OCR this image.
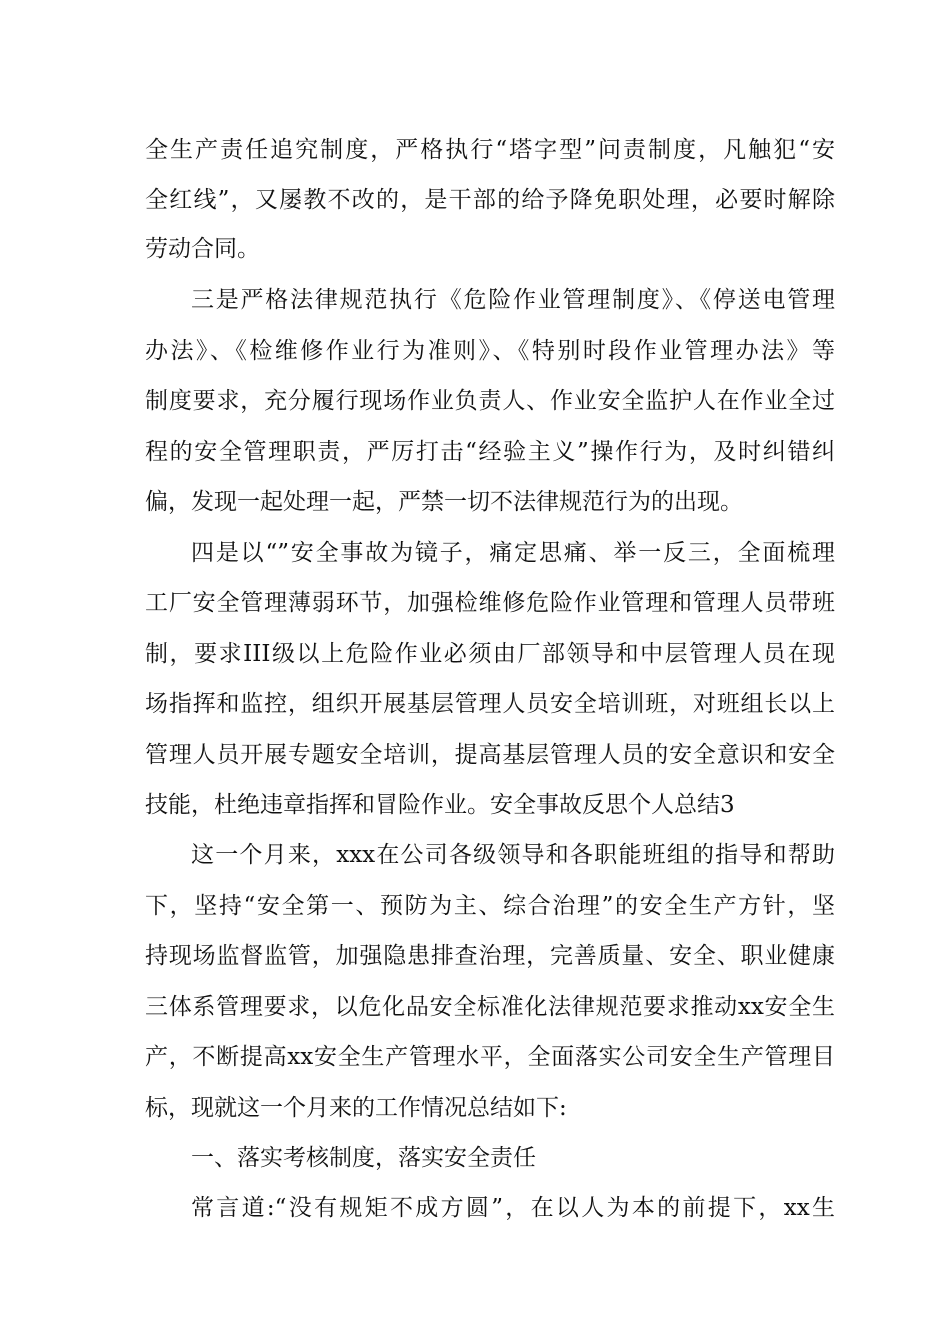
全生产责任追究制度，严格执行“塔字型”问责制度，凡触犯“安
全红线”，又屡教不改的，是干部的给予降免职处理，必要时解除
劳动合同。
三是严格法律规范执行《危险作业管理制度》、《停送电管理
办法》、《检维修作业行为准则》、《特别时段作业管理办法》等
制度要求，充分履行现场作业负责人、作业安全监护人在作业全过
程的安全管理职责，严厉打击“经验主义”操作行为，及时纠错纠
偏，发现一起处理一起，严禁一切不法律规范行为的出现。
四是以“”安全事故为镜子，痛定思痛、举一反三，全面梳理
工厂安全管理薄弱环节，加强检维修危险作业管理和管理人员带班
制，要求III级以上危险作业必须由厂部领导和中层管理人员在现
场指挥和监控，组织开展基层管理人员安全培训班，对班组长以上
管理人员开展专题安全培训，提高基层管理人员的安全意识和安全
技能，杜绝违章指挥和冒险作业。安全事故反思个人总结3
这一个月来，xxx在公司各级领导和各职能班组的指导和帮助
下，坚持“安全第一、预防为主、综合治理”的安全生产方针，坚
持现场监督监管，加强隐患排查治理，完善质量、安全、职业健康
三体系管理要求，以危化品安全标准化法律规范要求推动xx安全生
产，不断提高xx安全生产管理水平，全面落实公司安全生产管理目
标，现就这一个月来的工作情况总结如下:
一、落实考核制度，落实安全责任
常言道:“没有规矩不成方圆”，在以人为本的前提下，xx生
